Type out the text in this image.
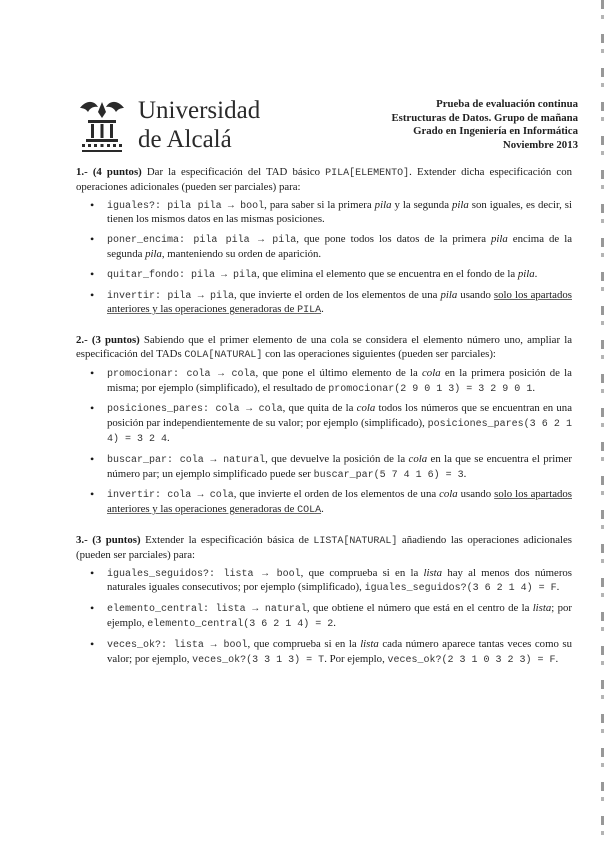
Universidad
de Alcalá
Prueba de evaluación continua
Estructuras de Datos. Grupo de mañana
Grado en Ingeniería en Informática
Noviembre 2013

1.- (4 puntos) Dar la especificación del TAD básico PILA[ELEMENTO]. Extender dicha especificación con operaciones adicionales (pueden ser parciales) para:

• iguales?: pila pila → bool, para saber si la primera pila y la segunda pila son iguales, es decir, si tienen los mismos datos en las mismas posiciones.
• poner_encima: pila pila → pila, que pone todos los datos de la primera pila encima de la segunda pila, manteniendo su orden de aparición.
• quitar_fondo: pila → pila, que elimina el elemento que se encuentra en el fondo de la pila.
• invertir: pila → pila, que invierte el orden de los elementos de una pila usando solo los apartados anteriores y las operaciones generadoras de PILA.

2.- (3 puntos) Sabiendo que el primer elemento de una cola se considera el elemento número uno, ampliar la especificación del TADs COLA[NATURAL] con las operaciones siguientes (pueden ser parciales):

• promocionar: cola → cola, que pone el último elemento de la cola en la primera posición de la misma; por ejemplo (simplificado), el resultado de promocionar(2 9 0 1 3) = 3 2 9 0 1.
• posiciones_pares: cola → cola, que quita de la cola todos los números que se encuentran en una posición par independientemente de su valor; por ejemplo (simplificado), posiciones_pares(3 6 2 1 4) = 3 2 4.
• buscar_par: cola → natural, que devuelve la posición de la cola en la que se encuentra el primer número par; un ejemplo simplificado puede ser buscar_par(5 7 4 1 6) = 3.
• invertir: cola → cola, que invierte el orden de los elementos de una cola usando solo los apartados anteriores y las operaciones generadoras de COLA.

3.- (3 puntos) Extender la especificación básica de LISTA[NATURAL] añadiendo las operaciones adicionales (pueden ser parciales) para:

• iguales_seguidos?: lista → bool, que comprueba si en la lista hay al menos dos números naturales iguales consecutivos; por ejemplo (simplificado), iguales_seguidos?(3 6 2 1 4) = F.
• elemento_central: lista → natural, que obtiene el número que está en el centro de la lista; por ejemplo, elemento_central(3 6 2 1 4) = 2.
• veces_ok?: lista → bool, que comprueba si en la lista cada número aparece tantas veces como su valor; por ejemplo, veces_ok?(3 3 1 3) = T. Por ejemplo, veces_ok?(2 3 1 0 3 2 3) = F.
